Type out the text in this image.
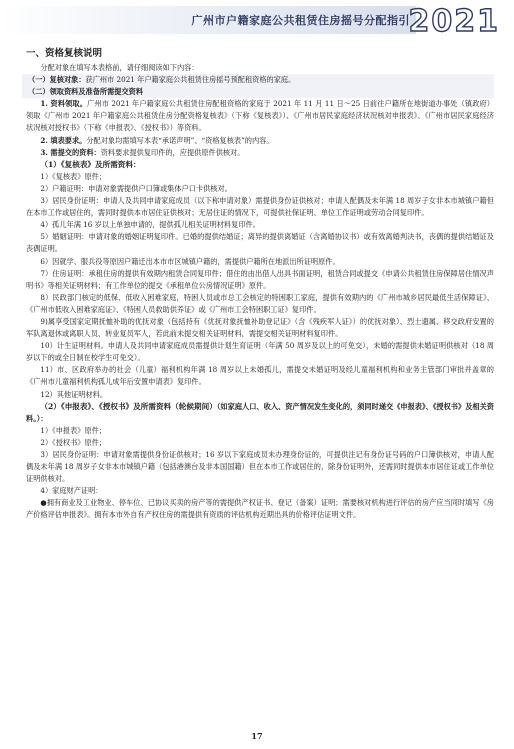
广州市户籍家庭公共租赁住房摇号分配指引
2021
一、资格复核说明

分配对象在填写本表格前，请仔细阅读如下内容：

（一）复核对象：获广州市 2021 年户籍家庭公共租赁住房摇号预配租资格的家庭。

（二）领取资料及准备所需提交资料

1. 资料领取。广州市 2021 年户籍家庭公共租赁住房配租资格的家庭于 2021 年 11 月 11 日～25 日前往户籍所在地街道办事处（镇政府）领取《广州市 2021 年户籍家庭公共租赁住房分配资格复核表》（下称《复核表》）、《广州市居民家庭经济状况核对申报表》、《广州市居民家庭经济状况核对授权书》（下称《申报表》、《授权书》）等资料。

2. 填表要求。分配对象均需填写本表“承诺声明”、“资格复核表”的内容。

3. 需提交的资料：资料要求提供复印件的，应提供原件供核对。

（1）《复核表》及所需资料：

1）《复核表》原件；

2）户籍证明：申请对象需提供户口簿或集体户口卡供核对。

3）居民身份证明：申请人及共同申请家庭成员（以下称申请对象）需提供身份证供核对；申请人配偶及未年满 18 周岁子女非本市城镇户籍但在本市工作或居住的，需同时提供本市居住证供核对；无居住证的情况下，可提供社保证明、单位工作证明或劳动合同复印件。

4）孤儿年满 16 岁以上单独申请的，提供孤儿相关证明材料复印件。

5）婚姻证明：申请对象的婚姻证明复印件。已婚的提供结婚证；离异的提供离婚证（含离婚协议书）或有效离婚判决书，丧偶的提供结婚证及丧偶证明。

6）因就学、服兵役等原因户籍迁出本市市区城镇户籍的，需提供户籍所在地派出所证明原件。

7）住房证明：承租住房的提供有效期内租赁合同复印件；借住的由出借人出具书面证明，租赁合同或提交《申请公共租赁住房保障居住情况声明书》等相关证明材料；有工作单位的提交《承租单位公房情况证明》原件。

8）民政部门核定的低保、低收入困难家庭，特困人员或市总工会核定的特困职工家庭，提供有效期内的《广州市城乡居民最低生活保障证》、《广州市低收入困难家庭证》、《特困人员救助供养证》或《广州市工会特困职工证》复印件。

9)属享受国家定期抚恤补助的优抚对象（包括持有《优抚对象抚恤补助登记证》（含《残疾军人证》）的优抚对象）、烈士遗属、移交政府安置的军队离退休或离职人员、转业复员军人，若此前未提交相关证明材料，需提交相关证明材料复印件。

10）计生证明材料。申请人及共同申请家庭成员需提供计划生育证明（年满 50 周岁及以上的可免交），未婚的需提供未婚证明供核对（18 周岁以下的或全日制在校学生可免交）。

11）市、区政府举办的社会（儿童）福利机构年满 18 周岁以上未婚孤儿，需提交未婚证明及经儿童福利机构和业务主管部门审批并盖章的《广州市儿童福利机构孤儿成年后安置申请表》复印件。

12）其他证明材料。

（2）《申报表》、《授权书》及所需资料（轮候期间）（如家庭人口、收入、资产情况发生变化的，须同时递交《申报表》、《授权书》及相关资料。）：

1）《申报表》原件；

2）《授权书》原件；

3）居民身份证明：申请对象需提供身份证供核对；16 岁以下家庭成员未办理身份证的，可提供注记有身份证号码的户口簿供核对，申请人配偶及未年满 18 周岁子女非本市城镇户籍（包括港澳台及非本国国籍）但在本市工作或居住的，除身份证明外，还需同时提供本市居住证或工作单位证明供核对。

4）家庭财产证明：

●拥有商业及工业物业、停车位、已协议买卖的房产等的需提供产权证书、登记（备案）证明；需要核对机构进行评估的房产应当同时填写《房产价格评估申报表》。拥有本市外自有产权住房的需提供有资质的评估机构近期出具的价格评估证明文件。

17
